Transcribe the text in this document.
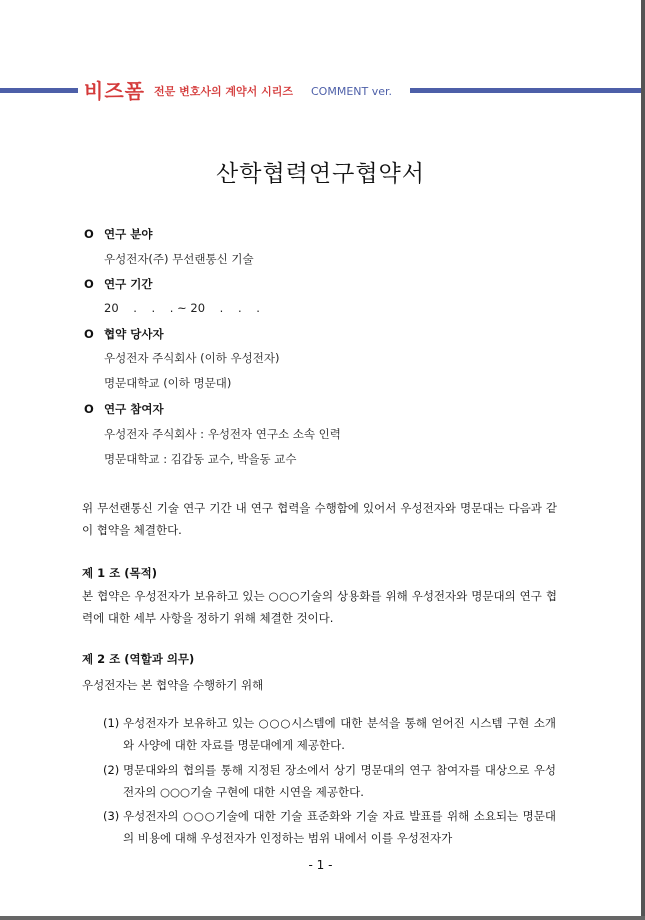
비즈폼 전문 변호사의 계약서 시리즈 COMMENT ver.
산학협력연구협약서
O 연구 분야
우성전자(주) 무선랜통신 기술
O 연구 기간
20    .    .    . ~ 20    .    .    .
O 협약 당사자
우성전자 주식회사 (이하 우성전자)
명문대학교 (이하 명문대)
O 연구 참여자
우성전자 주식회사 : 우성전자 연구소 소속 인력
명문대학교 : 김갑동 교수, 박을동 교수
위 무선랜통신 기술 연구 기간 내 연구 협력을 수행함에 있어서 우성전자와 명문대는 다음과 같이 협약을 체결한다.
제 1 조 (목적)
본 협약은 우성전자가 보유하고 있는 ○○○기술의 상용화를 위해 우성전자와 명문대의 연구 협력에 대한 세부 사항을 정하기 위해 체결한 것이다.
제 2 조 (역할과 의무)
우성전자는 본 협약을 수행하기 위해
(1) 우성전자가 보유하고 있는 ○○○시스템에 대한 분석을 통해 얻어진 시스템 구현 소개와 사양에 대한 자료를 명문대에게 제공한다.
(2) 명문대와의 협의를 통해 지정된 장소에서 상기 명문대의 연구 참여자를 대상으로 우성전자의 ○○○기술 구현에 대한 시연을 제공한다.
(3) 우성전자의 ○○○기술에 대한 기술 표준화와 기술 자료 발표를 위해 소요되는 명문대의 비용에 대해 우성전자가 인정하는 범위 내에서 이를 우성전자가
- 1 -
